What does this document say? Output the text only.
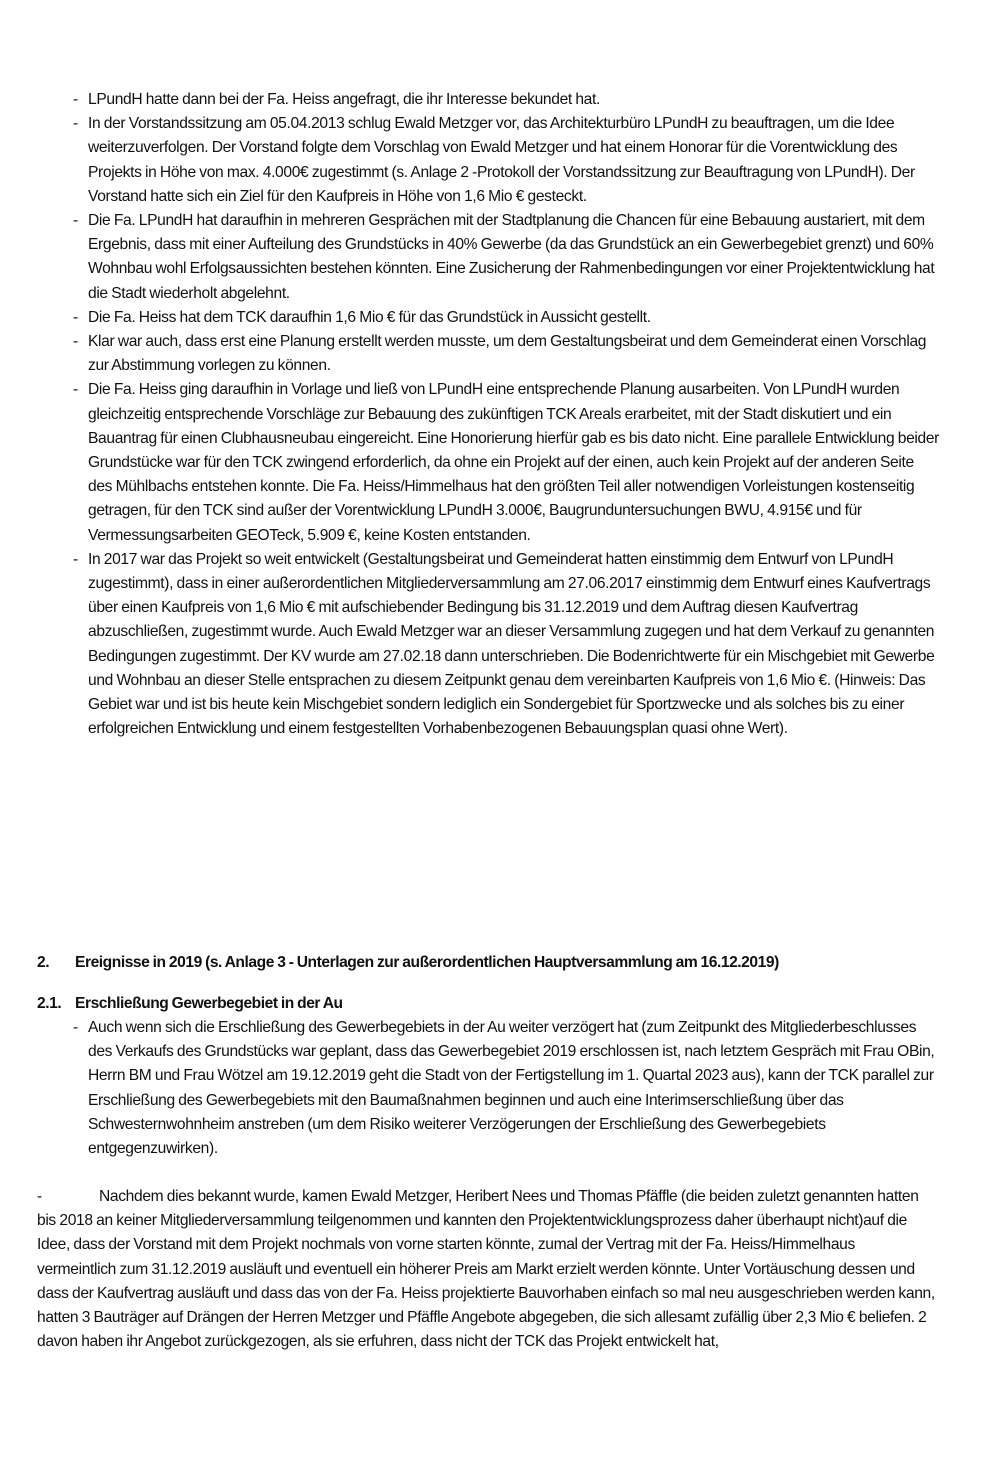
- LPundH hatte dann bei der Fa. Heiss angefragt, die ihr Interesse bekundet hat.
- In der Vorstandssitzung am 05.04.2013 schlug Ewald Metzger vor, das Architekturbüro LPundH zu beauftragen, um die Idee weiterzuverfolgen. Der Vorstand folgte dem Vorschlag von Ewald Metzger und hat einem Honorar für die Vorentwicklung des Projekts in Höhe von max. 4.000€ zugestimmt (s. Anlage 2 -Protokoll der Vorstandssitzung zur Beauftragung von LPundH). Der Vorstand hatte sich ein Ziel für den Kaufpreis in Höhe von 1,6 Mio € gesteckt.
- Die Fa. LPundH hat daraufhin in mehreren Gesprächen mit der Stadtplanung die Chancen für eine Bebauung austariert, mit dem Ergebnis, dass mit einer Aufteilung des Grundstücks in 40% Gewerbe (da das Grundstück an ein Gewerbegebiet grenzt) und 60% Wohnbau wohl Erfolgsaussichten bestehen könnten. Eine Zusicherung der Rahmenbedingungen vor einer Projektentwicklung hat die Stadt wiederholt abgelehnt.
- Die Fa. Heiss hat dem TCK daraufhin 1,6 Mio € für das Grundstück in Aussicht gestellt.
- Klar war auch, dass erst eine Planung erstellt werden musste, um dem Gestaltungsbeirat und dem Gemeinderat einen Vorschlag zur Abstimmung vorlegen zu können.
- Die Fa. Heiss ging daraufhin in Vorlage und ließ von LPundH eine entsprechende Planung ausarbeiten. Von LPundH wurden gleichzeitig entsprechende Vorschläge zur Bebauung des zukünftigen TCK Areals erarbeitet, mit der Stadt diskutiert und ein Bauantrag für einen Clubhausneubau eingereicht. Eine Honorierung hierfür gab es bis dato nicht. Eine parallele Entwicklung beider Grundstücke war für den TCK zwingend erforderlich, da ohne ein Projekt auf der einen, auch kein Projekt auf der anderen Seite des Mühlbachs entstehen konnte. Die Fa. Heiss/Himmelhaus hat den größten Teil aller notwendigen Vorleistungen kostenseitig getragen, für den TCK sind außer der Vorentwicklung LPundH 3.000€, Baugrunduntersuchungen BWU, 4.915€ und für Vermessungsarbeiten GEOTeck, 5.909 €, keine Kosten entstanden.
- In 2017 war das Projekt so weit entwickelt (Gestaltungsbeirat und Gemeinderat hatten einstimmig dem Entwurf von LPundH zugestimmt), dass in einer außerordentlichen Mitgliederversammlung am 27.06.2017 einstimmig dem Entwurf eines Kaufvertrags über einen Kaufpreis von 1,6 Mio € mit aufschiebender Bedingung bis 31.12.2019 und dem Auftrag diesen Kaufvertrag abzuschließen, zugestimmt wurde. Auch Ewald Metzger war an dieser Versammlung zugegen und hat dem Verkauf zu genannten Bedingungen zugestimmt. Der KV wurde am 27.02.18 dann unterschrieben. Die Bodenrichtwerte für ein Mischgebiet mit Gewerbe und Wohnbau an dieser Stelle entsprachen zu diesem Zeitpunkt genau dem vereinbarten Kaufpreis von 1,6 Mio €. (Hinweis: Das Gebiet war und ist bis heute kein Mischgebiet sondern lediglich ein Sondergebiet für Sportzwecke und als solches bis zu einer erfolgreichen Entwicklung und einem festgestellten Vorhabenbezogenen Bebauungsplan quasi ohne Wert).
2. Ereignisse in 2019 (s. Anlage 3 - Unterlagen zur außerordentlichen Hauptversammlung am 16.12.2019)
2.1. Erschließung Gewerbegebiet in der Au
- Auch wenn sich die Erschließung des Gewerbegebiets in der Au weiter verzögert hat (zum Zeitpunkt des Mitgliederbeschlusses des Verkaufs des Grundstücks war geplant, dass das Gewerbegebiet 2019 erschlossen ist, nach letztem Gespräch mit Frau OBin, Herrn BM und Frau Wötzel am 19.12.2019 geht die Stadt von der Fertigstellung im 1. Quartal 2023 aus), kann der TCK parallel zur Erschließung des Gewerbegebiets mit den Baumaßnahmen beginnen und auch eine Interimserschließung über das Schwesternwohnheim anstreben (um dem Risiko weiterer Verzögerungen der Erschließung des Gewerbegebiets entgegenzuwirken).

-	Nachdem dies bekannt wurde, kamen Ewald Metzger, Heribert Nees und Thomas Pfäffle (die beiden zuletzt genannten hatten bis 2018 an keiner Mitgliederversammlung teilgenommen und kannten den Projektentwicklungsprozess daher überhaupt nicht)auf die Idee, dass der Vorstand mit dem Projekt nochmals von vorne starten könnte, zumal der Vertrag mit der Fa. Heiss/Himmelhaus vermeintlich zum 31.12.2019 ausläuft und eventuell ein höherer Preis am Markt erzielt werden könnte. Unter Vortäuschung dessen und dass der Kaufvertrag ausläuft und dass das von der Fa. Heiss projektierte Bauvorhaben einfach so mal neu ausgeschrieben werden kann, hatten 3 Bauträger auf Drängen der Herren Metzger und Pfäffle Angebote abgegeben, die sich allesamt zufällig über 2,3 Mio € beliefen. 2 davon haben ihr Angebot zurückgezogen, als sie erfuhren, dass nicht der TCK das Projekt entwickelt hat,
